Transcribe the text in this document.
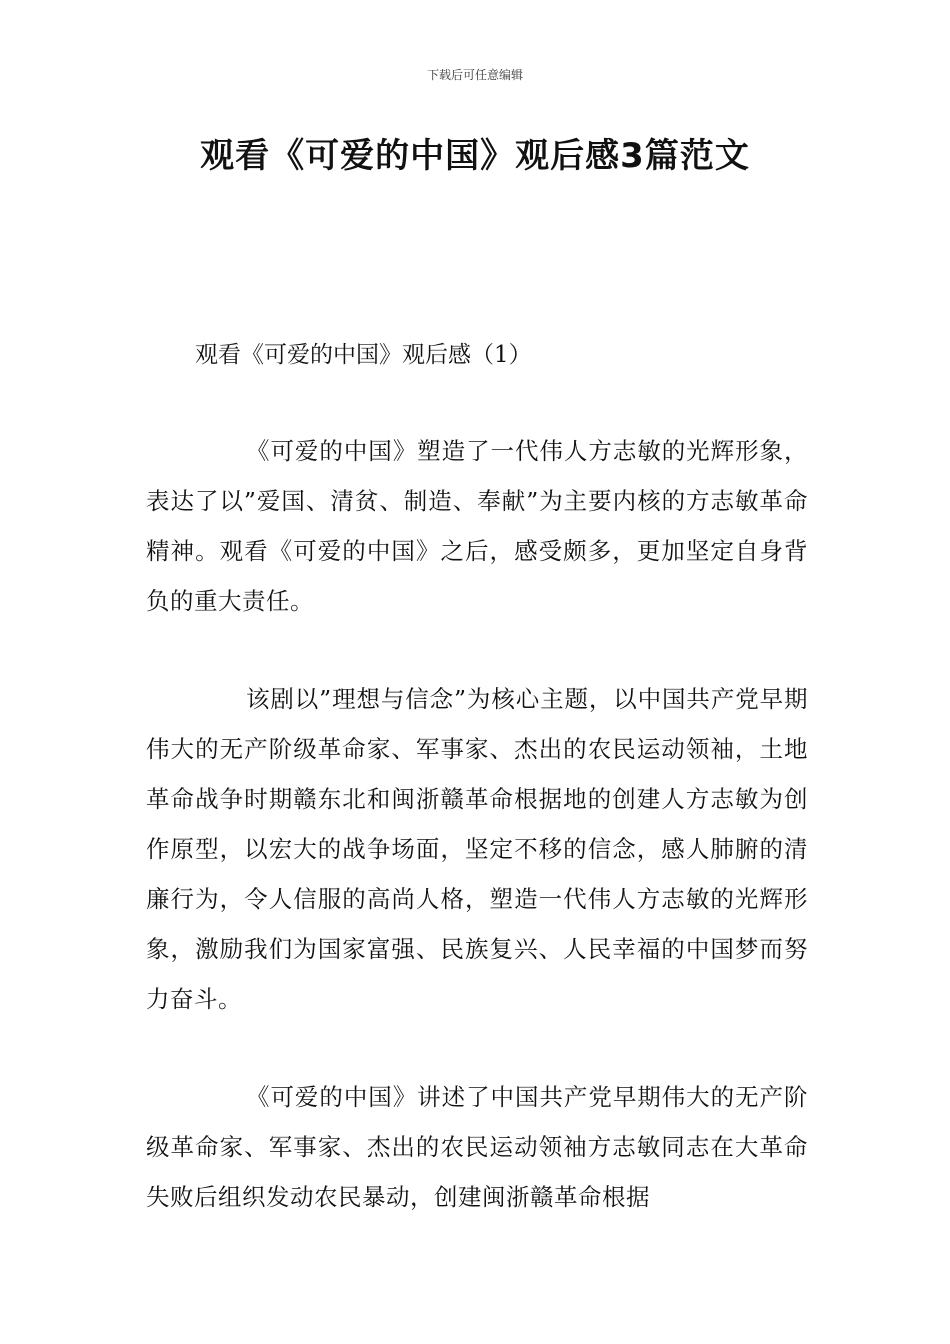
下载后可任意编辑
观看《可爱的中国》观后感3篇范文
观看《可爱的中国》观后感（1）

《可爱的中国》塑造了一代伟人方志敏的光辉形象，表达了以”爱国、清贫、制造、奉献”为主要内核的方志敏革命精神。观看《可爱的中国》之后，感受颇多，更加坚定自身背负的重大责任。

该剧以”理想与信念”为核心主题，以中国共产党早期伟大的无产阶级革命家、军事家、杰出的农民运动领袖，土地革命战争时期赣东北和闽浙赣革命根据地的创建人方志敏为创作原型，以宏大的战争场面，坚定不移的信念，感人肺腑的清廉行为，令人信服的高尚人格，塑造一代伟人方志敏的光辉形象，激励我们为国家富强、民族复兴、人民幸福的中国梦而努力奋斗。

《可爱的中国》讲述了中国共产党早期伟大的无产阶级革命家、军事家、杰出的农民运动领袖方志敏同志在大革命失败后组织发动农民暴动，创建闽浙赣革命根据
